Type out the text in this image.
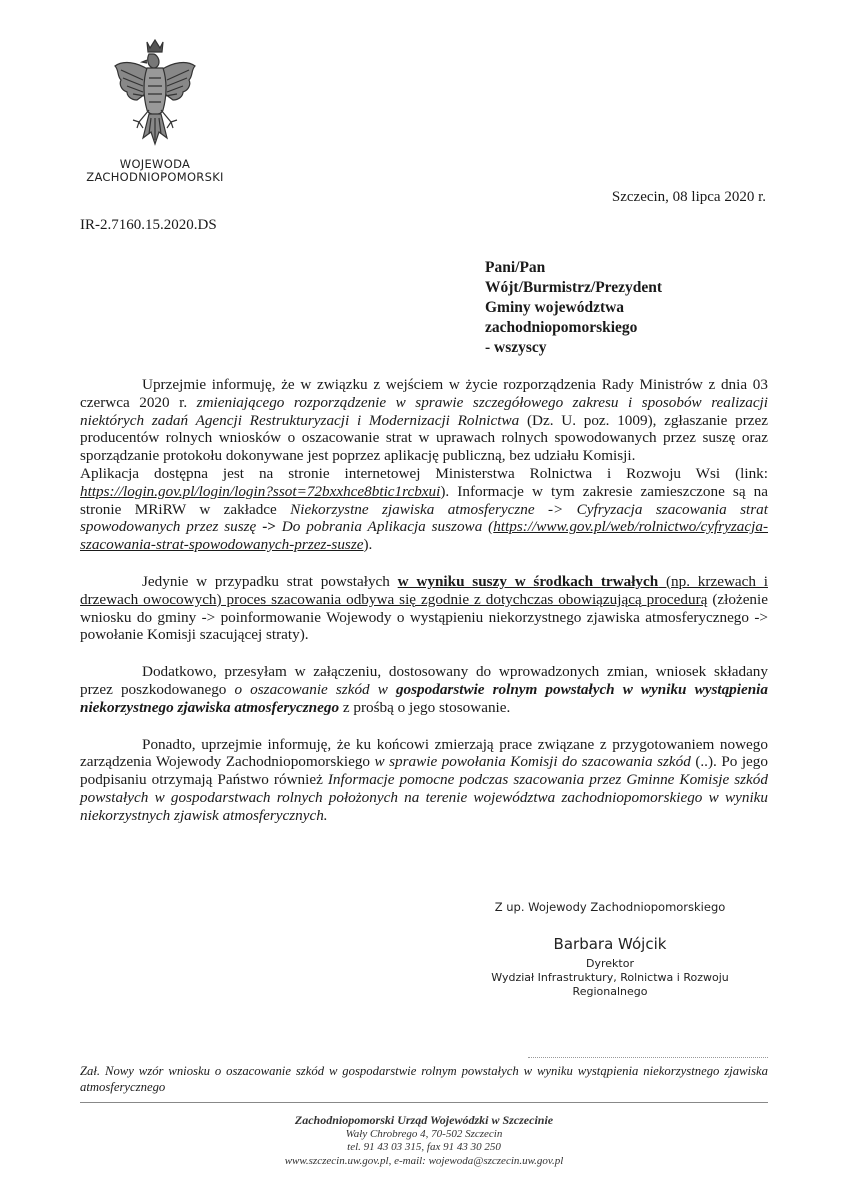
WOJEWODA
ZACHODNIOPOMORSKI
Szczecin, 08 lipca 2020 r.
IR-2.7160.15.2020.DS
Pani/Pan
Wójt/Burmistrz/Prezydent
Gminy województwa
zachodniopomorskiego
- wszyscy

Uprzejmie informuję, że w związku z wejściem w życie rozporządzenia Rady Ministrów z dnia 03 czerwca 2020 r. zmieniającego rozporządzenie w sprawie szczegółowego zakresu i sposobów realizacji niektórych zadań Agencji Restrukturyzacji i Modernizacji Rolnictwa (Dz. U. poz. 1009), zgłaszanie przez producentów rolnych wniosków o oszacowanie strat w uprawach rolnych spowodowanych przez suszę oraz sporządzanie protokołu dokonywane jest poprzez aplikację publiczną, bez udziału Komisji.

Aplikacja dostępna jest na stronie internetowej Ministerstwa Rolnictwa i Rozwoju Wsi (link: https://login.gov.pl/login/login?ssot=72bxxhce8btic1rcbxui). Informacje w tym zakresie zamieszczone są na stronie MRiRW w zakładce Niekorzystne zjawiska atmosferyczne -> Cyfryzacja szacowania strat spowodowanych przez suszę -> Do pobrania Aplikacja suszowa (https://www.gov.pl/web/rolnictwo/cyfryzacja-szacowania-strat-spowodowanych-przez-susze).

Jedynie w przypadku strat powstałych w wyniku suszy w środkach trwałych (np. krzewach i drzewach owocowych) proces szacowania odbywa się zgodnie z dotychczas obowiązującą procedurą (złożenie wniosku do gminy -> poinformowanie Wojewody o wystąpieniu niekorzystnego zjawiska atmosferycznego -> powołanie Komisji szacującej straty).

Dodatkowo, przesyłam w załączeniu, dostosowany do wprowadzonych zmian, wniosek składany przez poszkodowanego o oszacowanie szkód w gospodarstwie rolnym powstałych w wyniku wystąpienia niekorzystnego zjawiska atmosferycznego z prośbą o jego stosowanie.

Ponadto, uprzejmie informuję, że ku końcowi zmierzają prace związane z przygotowaniem nowego zarządzenia Wojewody Zachodniopomorskiego w sprawie powołania Komisji do szacowania szkód (..). Po jego podpisaniu otrzymają Państwo również Informacje pomocne podczas szacowania przez Gminne Komisje szkód powstałych w gospodarstwach rolnych położonych na terenie województwa zachodniopomorskiego w wyniku niekorzystnych zjawisk atmosferycznych.

Z up. Wojewody Zachodniopomorskiego
Barbara Wójcik
Dyrektor
Wydział Infrastruktury, Rolnictwa i Rozwoju
Regionalnego
Zał. Nowy wzór wniosku o oszacowanie szkód w gospodarstwie rolnym powstałych w wyniku wystąpienia niekorzystnego zjawiska atmosferycznego
Zachodniopomorski Urząd Wojewódzki w Szczecinie
Wały Chrobrego 4, 70-502 Szczecin
tel. 91 43 03 315, fax 91 43 30 250
www.szczecin.uw.gov.pl, e-mail: wojewoda@szczecin.uw.gov.pl
